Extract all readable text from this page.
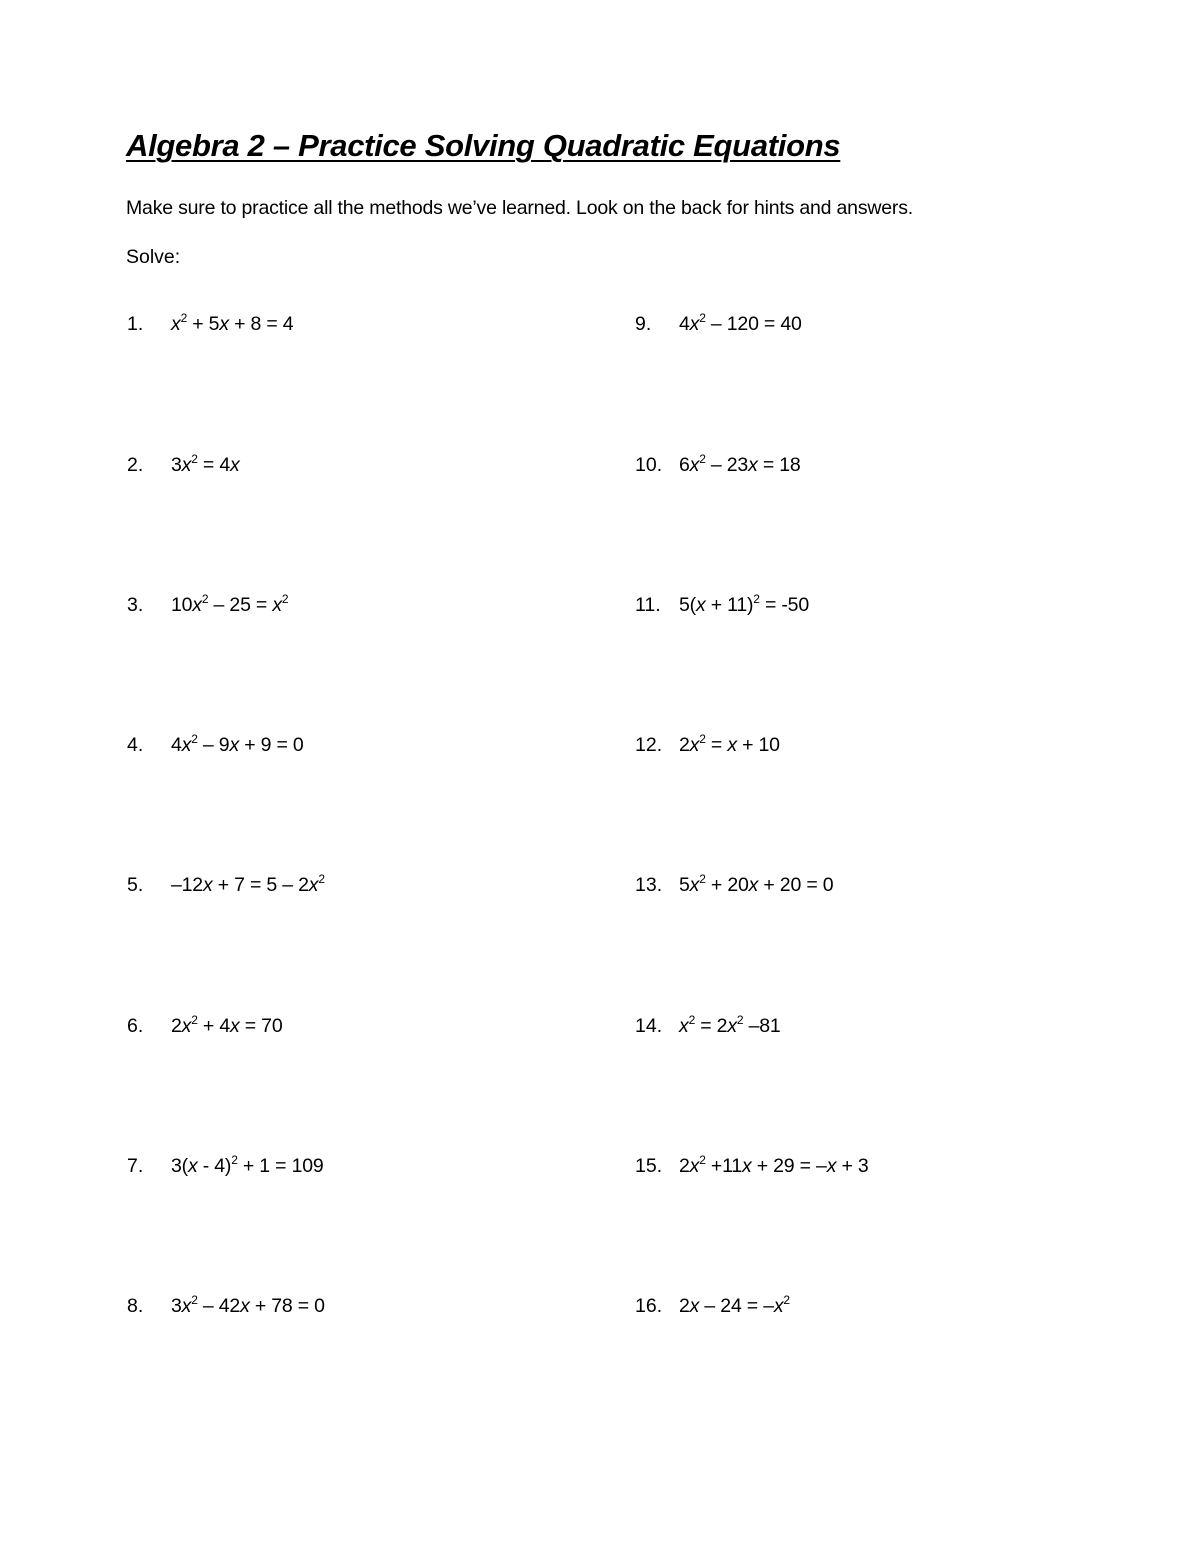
Algebra 2 – Practice Solving Quadratic Equations
Make sure to practice all the methods we’ve learned. Look on the back for hints and answers.
Solve:
1. $x^2 + 5x + 8 = 4$
2. $3x^2 = 4x$
3. $10x^2 - 25 = x^2$
4. $4x^2 - 9x + 9 = 0$
5. $-12x + 7 = 5 - 2x^2$
6. $2x^2 + 4x = 70$
7. 3(x - 4)$^2$ + 1 = 109
8. $3x^2 - 42x + 78 = 0$
9. $4x^2 - 120 = 40$
10. $6x^2 - 23x = 18$
11. $5(x + 11)^2 = -50$
12. $2x^2 = x + 10$
13. $5x^2 + 20x + 20 = 0$
14. $x^2 = 2x^2$ –81
15. $2x^2 +11x + 29 = -x + 3$
16. $2x - 24 = -x^2$
